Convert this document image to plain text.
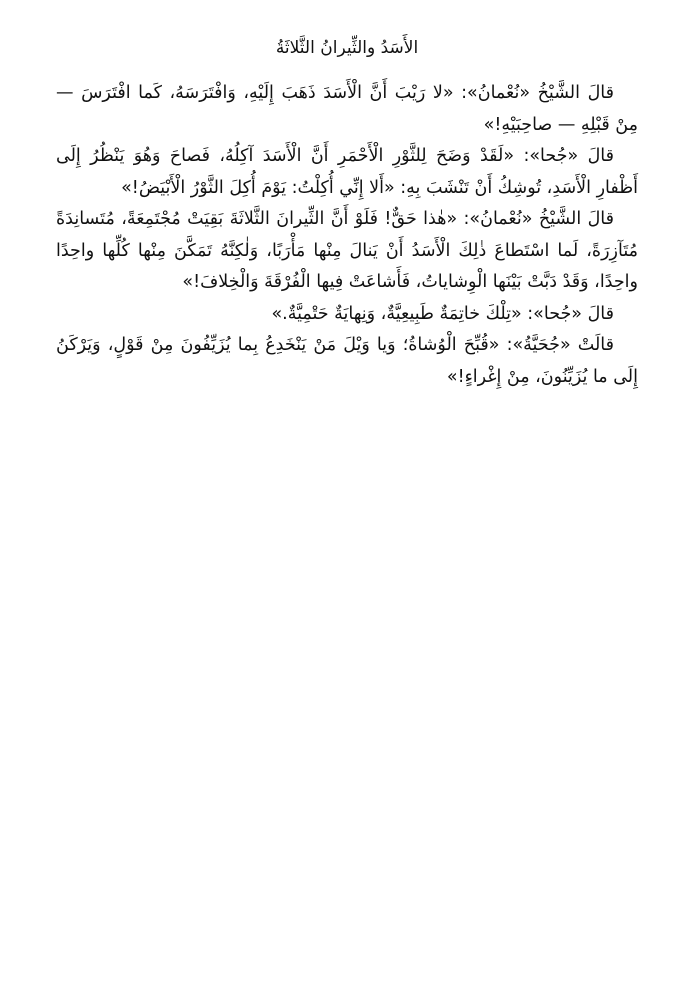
الأَسَدُ والثِّيرانُ الثَّلاثَةُ

قالَ الشَّيْخُ «نُعْمانُ»: «لا رَيْبَ أَنَّ الْأَسَدَ ذَهَبَ إِلَيْهِ، وَافْتَرَسَهُ، كَما افْتَرَسَ — مِنْ قَبْلِهِ — صاحِبَيْهِ!»

قالَ «جُحا»: «لَقَدْ وَضَحَ لِلثَّوْرِ الْأَحْمَرِ أَنَّ الْأَسَدَ آكِلُهُ، فَصاحَ وَهُوَ يَنْظُرُ إِلَى أَظْفارِ الْأَسَدِ، تُوشِكُ أَنْ تَنْشَبَ بِهِ: «أَلا إِنِّي أُكِلْتُ: يَوْمَ أُكِلَ الثَّوْرُ الْأَبْيَضُ!»

قالَ الشَّيْخُ «نُعْمانُ»: «هٰذا حَقٌّ! فَلَوْ أَنَّ الثِّيرانَ الثَّلاثَةَ بَقِيَتْ مُجْتَمِعَةً، مُتَسانِدَةً مُتَآزِرَةً، لَما اسْتَطاعَ ذٰلِكَ الْأَسَدُ أَنْ يَنالَ مِنْها مَأْرَبًا، وَلٰكِنَّهُ تَمَكَّنَ مِنْها كُلِّها واحِدًا واحِدًا، وَقَدْ دَبَّتْ بَيْنَها الْوِشاياتُ، فَأَشاعَتْ فِيها الْفُرْقَةَ وَالْخِلافَ!»

قالَ «جُحا»: «تِلْكَ خاتِمَةٌ طَبِيعِيَّةٌ، وَنِهايَةٌ حَتْمِيَّةٌ.»

قالَتْ «جُحَيَّةُ»: «قُبِّحَ الْوُشاةُ؛ وَيا وَيْلَ مَنْ يَنْخَدِعُ بِما يُزَيِّفُونَ مِنْ قَوْلٍ، وَيَرْكَنُ إِلَى ما يُزَيِّنُونَ، مِنْ إِغْراءٍ!»
